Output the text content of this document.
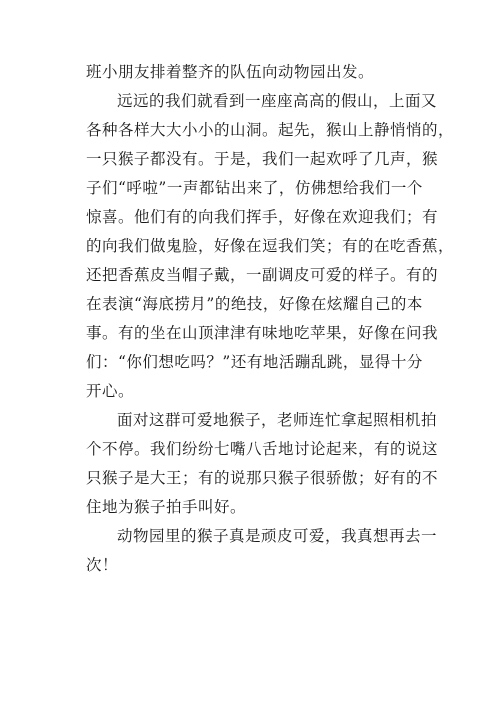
班小朋友排着整齐的队伍向动物园出发。
远远的我们就看到一座座高高的假山，上面又
各种各样大大小小的山洞。起先，猴山上静悄悄的，
一只猴子都没有。于是，我们一起欢呼了几声，猴
子们“呼啦”一声都钻出来了，仿佛想给我们一个
惊喜。他们有的向我们挥手，好像在欢迎我们；有
的向我们做鬼脸，好像在逗我们笑；有的在吃香蕉，
还把香蕉皮当帽子戴，一副调皮可爱的样子。有的
在表演“海底捞月”的绝技，好像在炫耀自己的本
事。有的坐在山顶津津有味地吃苹果，好像在问我
们：“你们想吃吗？”还有地活蹦乱跳，显得十分
开心。
面对这群可爱地猴子，老师连忙拿起照相机拍
个不停。我们纷纷七嘴八舌地讨论起来，有的说这
只猴子是大王；有的说那只猴子很骄傲；好有的不
住地为猴子拍手叫好。
动物园里的猴子真是顽皮可爱，我真想再去一
次！
